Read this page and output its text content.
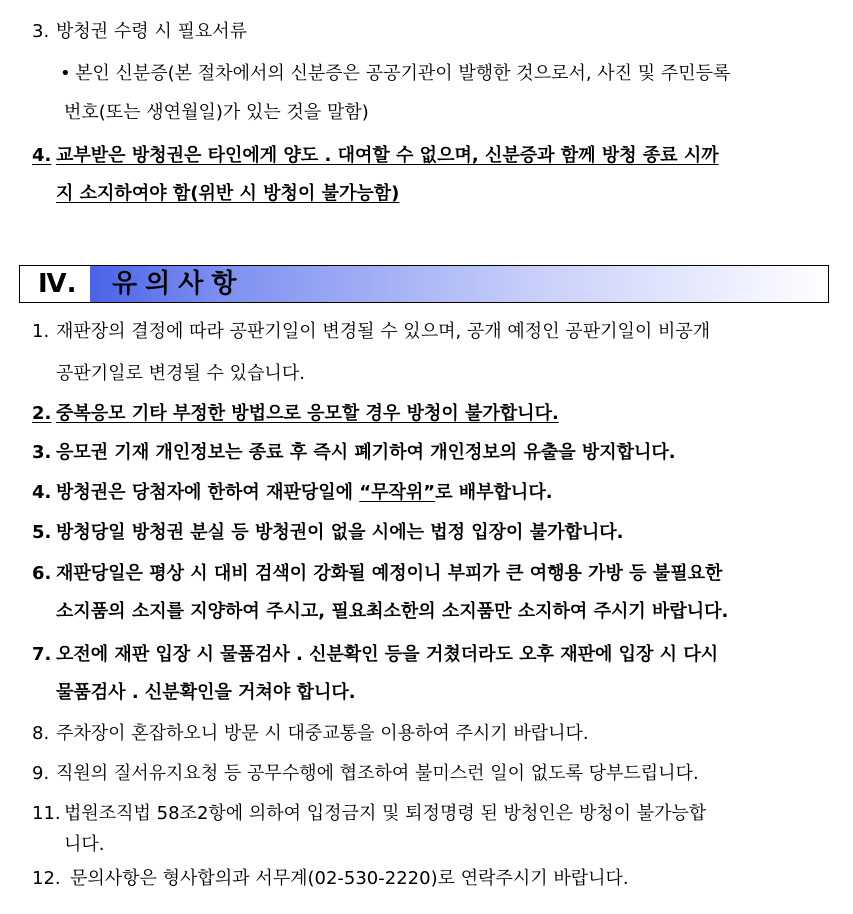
3. 방청권 수령 시 필요서류
• 본인 신분증(본 절차에서의 신분증은 공공기관이 발행한 것으로서, 사진 및 주민등록
번호(또는 생연월일)가 있는 것을 말함)
4. 교부받은 방청권은 타인에게 양도 . 대여할 수 없으며, 신분증과 함께 방청 종료 시까
지 소지하여야 함(위반 시 방청이 불가능함)
Ⅳ. 유의사항
1. 재판장의 결정에 따라 공판기일이 변경될 수 있으며, 공개 예정인 공판기일이 비공개
공판기일로 변경될 수 있습니다.
2. 중복응모 기타 부정한 방법으로 응모할 경우 방청이 불가합니다.
3. 응모권 기재 개인정보는 종료 후 즉시 폐기하여 개인정보의 유출을 방지합니다.
4. 방청권은 당첨자에 한하여 재판당일에 “무작위”로 배부합니다.
5. 방청당일 방청권 분실 등 방청권이 없을 시에는 법정 입장이 불가합니다.
6. 재판당일은 평상 시 대비 검색이 강화될 예정이니 부피가 큰 여행용 가방 등 불필요한
소지품의 소지를 지양하여 주시고, 필요최소한의 소지품만 소지하여 주시기 바랍니다.
7. 오전에 재판 입장 시 물품검사 . 신분확인 등을 거쳤더라도 오후 재판에 입장 시 다시
물품검사 . 신분확인을 거쳐야 합니다.
8. 주차장이 혼잡하오니 방문 시 대중교통을 이용하여 주시기 바랍니다.
9. 직원의 질서유지요청 등 공무수행에 협조하여 불미스런 일이 없도록 당부드립니다.
11. 법원조직법 58조2항에 의하여 입정금지 및 퇴정명령 된 방청인은 방청이 불가능합
니다.
12. 문의사항은 형사합의과 서무계(02-530-2220)로 연락주시기 바랍니다.
